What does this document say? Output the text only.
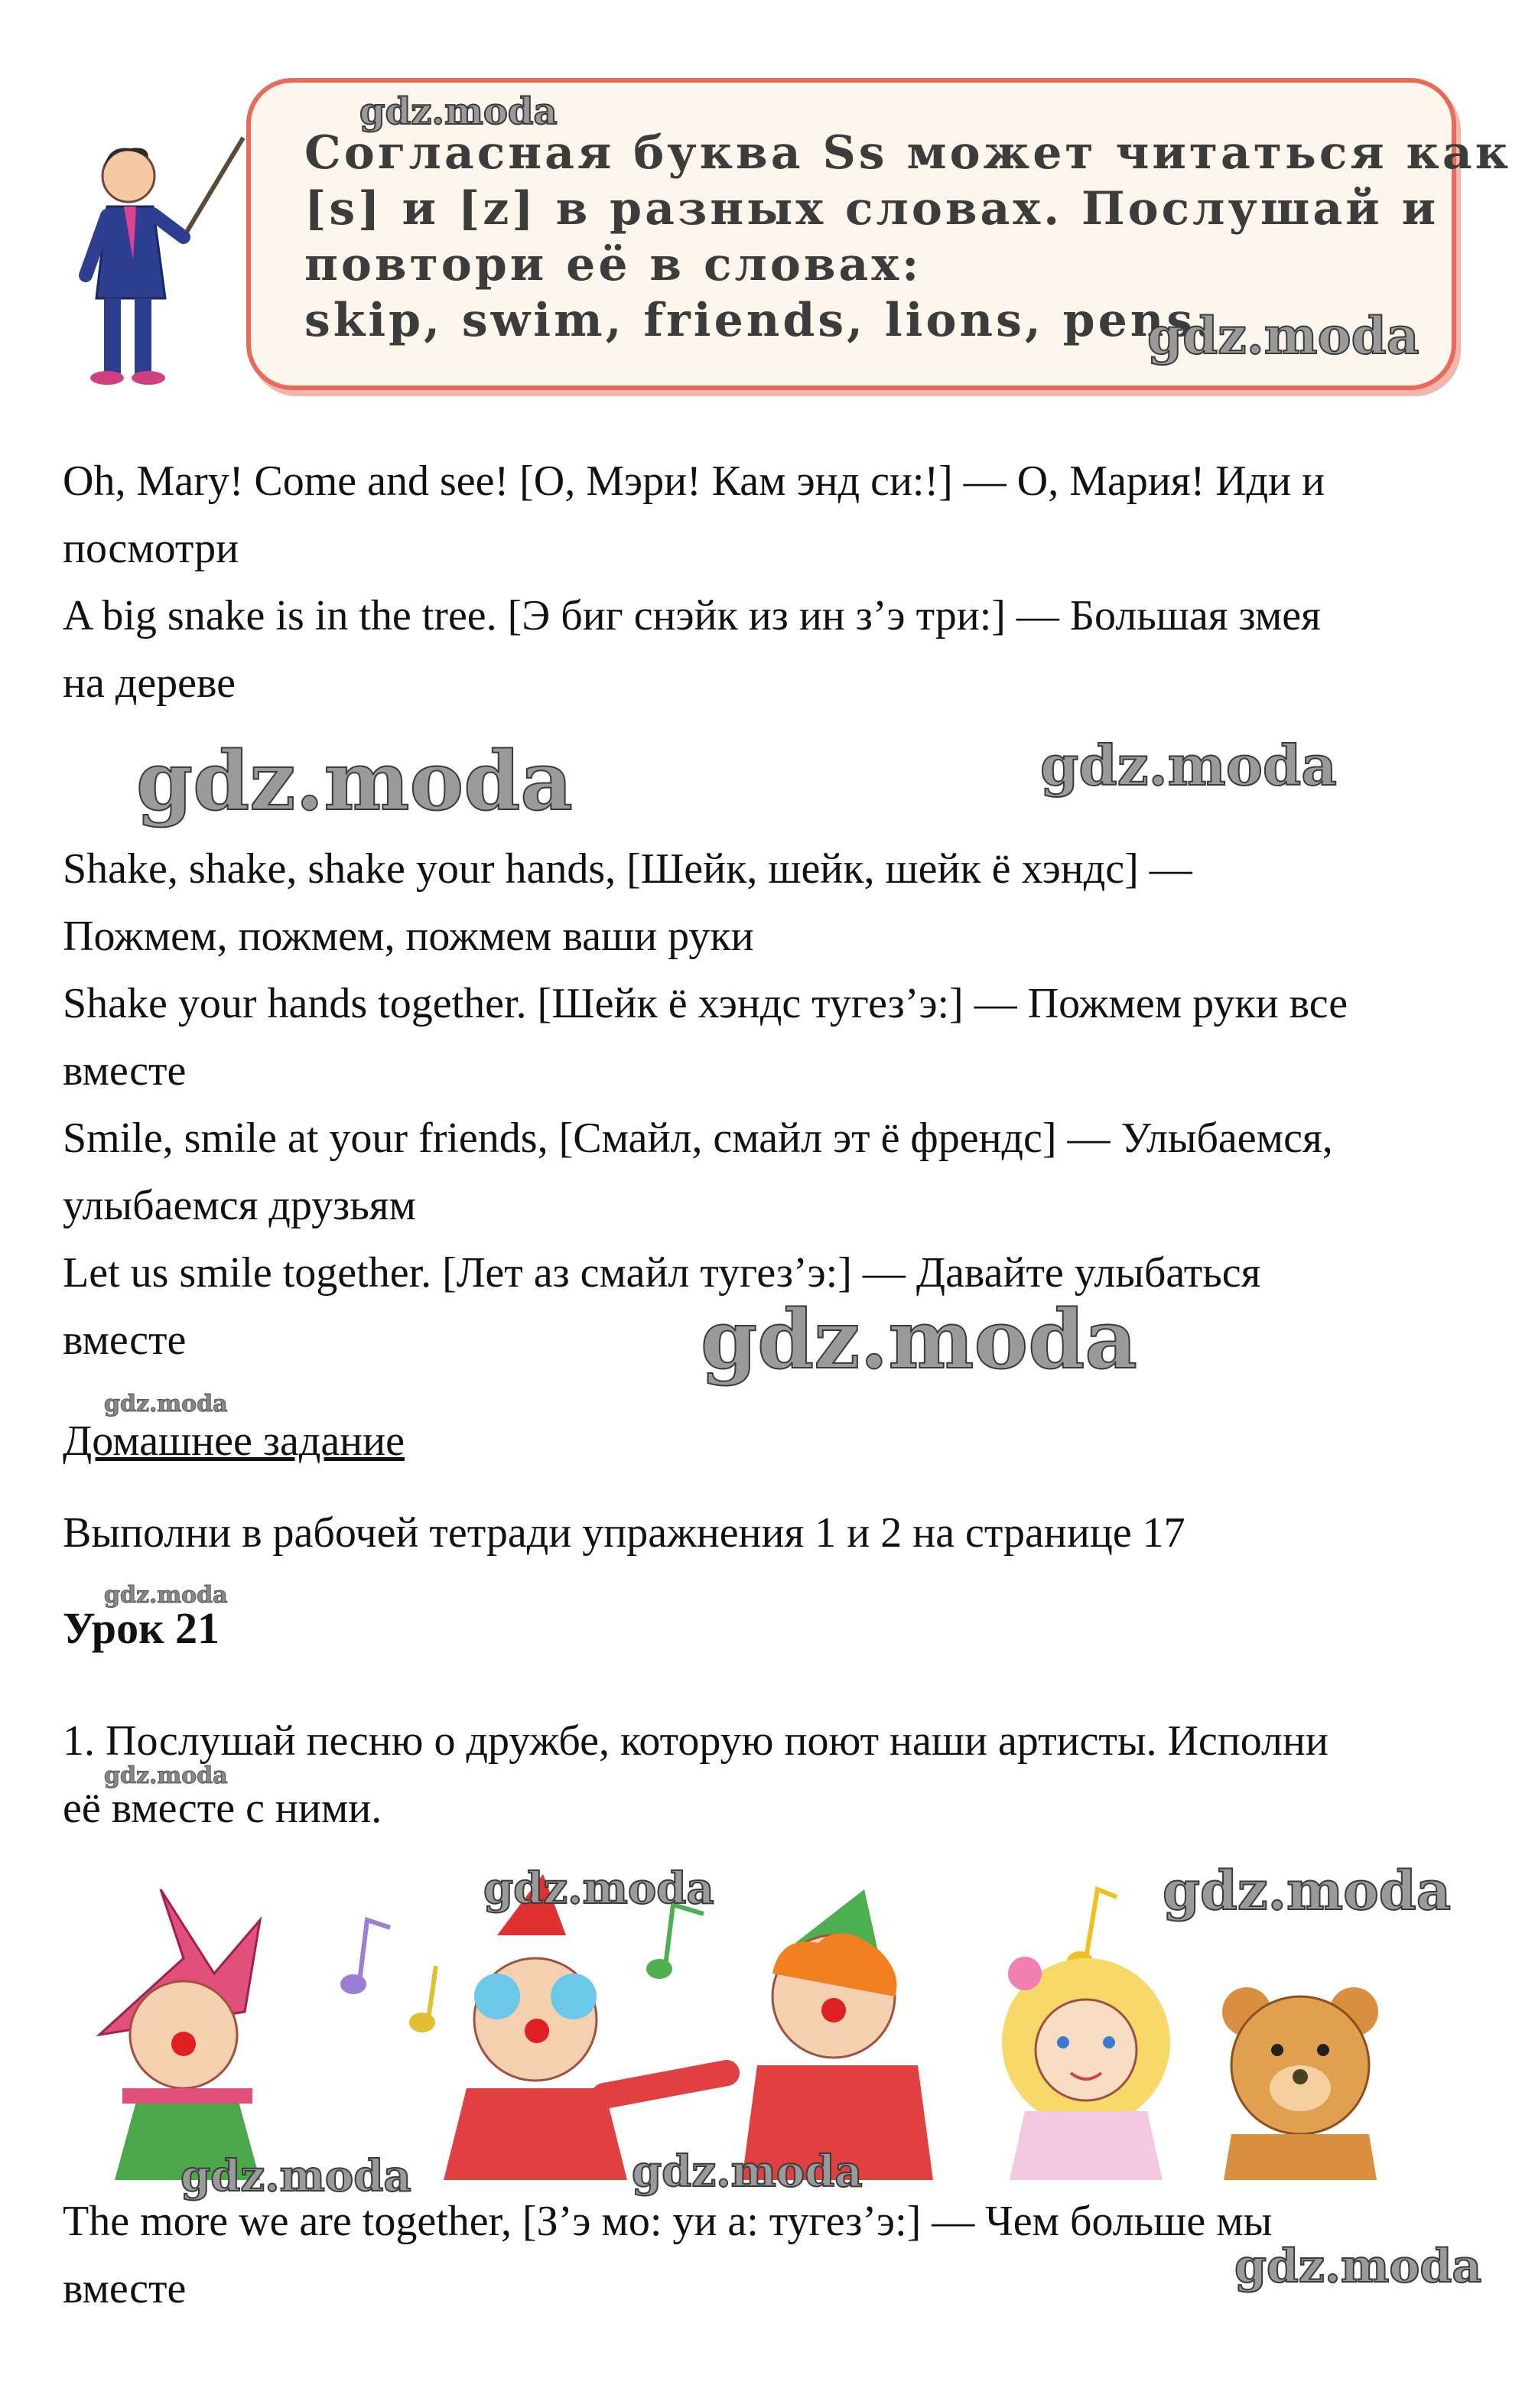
Согласная буква Ss может читаться как
[s] и [z] в разных словах. Послушай и
повтори её в словах:
skip, swim, friends, lions, pens.
Oh, Mary! Come and see! [О, Мэри! Кам энд си:!] — О, Мария! Иди и
посмотри
A big snake is in the tree. [Э биг снэйк из ин з’э три:] — Большая змея
на дереве
Shake, shake, shake your hands, [Шейк, шейк, шейк ё хэндс] —
Пожмем, пожмем, пожмем ваши руки
Shake your hands together. [Шейк ё хэндс тугез’э:] — Пожмем руки все
вместе
Smile, smile at your friends, [Смайл, смайл эт ё френдс] — Улыбаемся,
улыбаемся друзьям
Let us smile together. [Лет аз смайл тугез’э:] — Давайте улыбаться
вместе
Домашнее задание
Выполни в рабочей тетради упражнения 1 и 2 на странице 17
Урок 21
1. Послушай песню о дружбе, которую поют наши артисты. Исполни
её вместе с ними.
The more we are together, [З’э мо: уи а: тугез’э:] — Чем больше мы
вместе
gdz.moda
gdz.moda
gdz.moda	gdz.moda
gdz.moda
gdz.moda
gdz.moda
gdz.moda
gdz.moda	gdz.moda
gdz.moda	gdz.moda
gdz.moda
